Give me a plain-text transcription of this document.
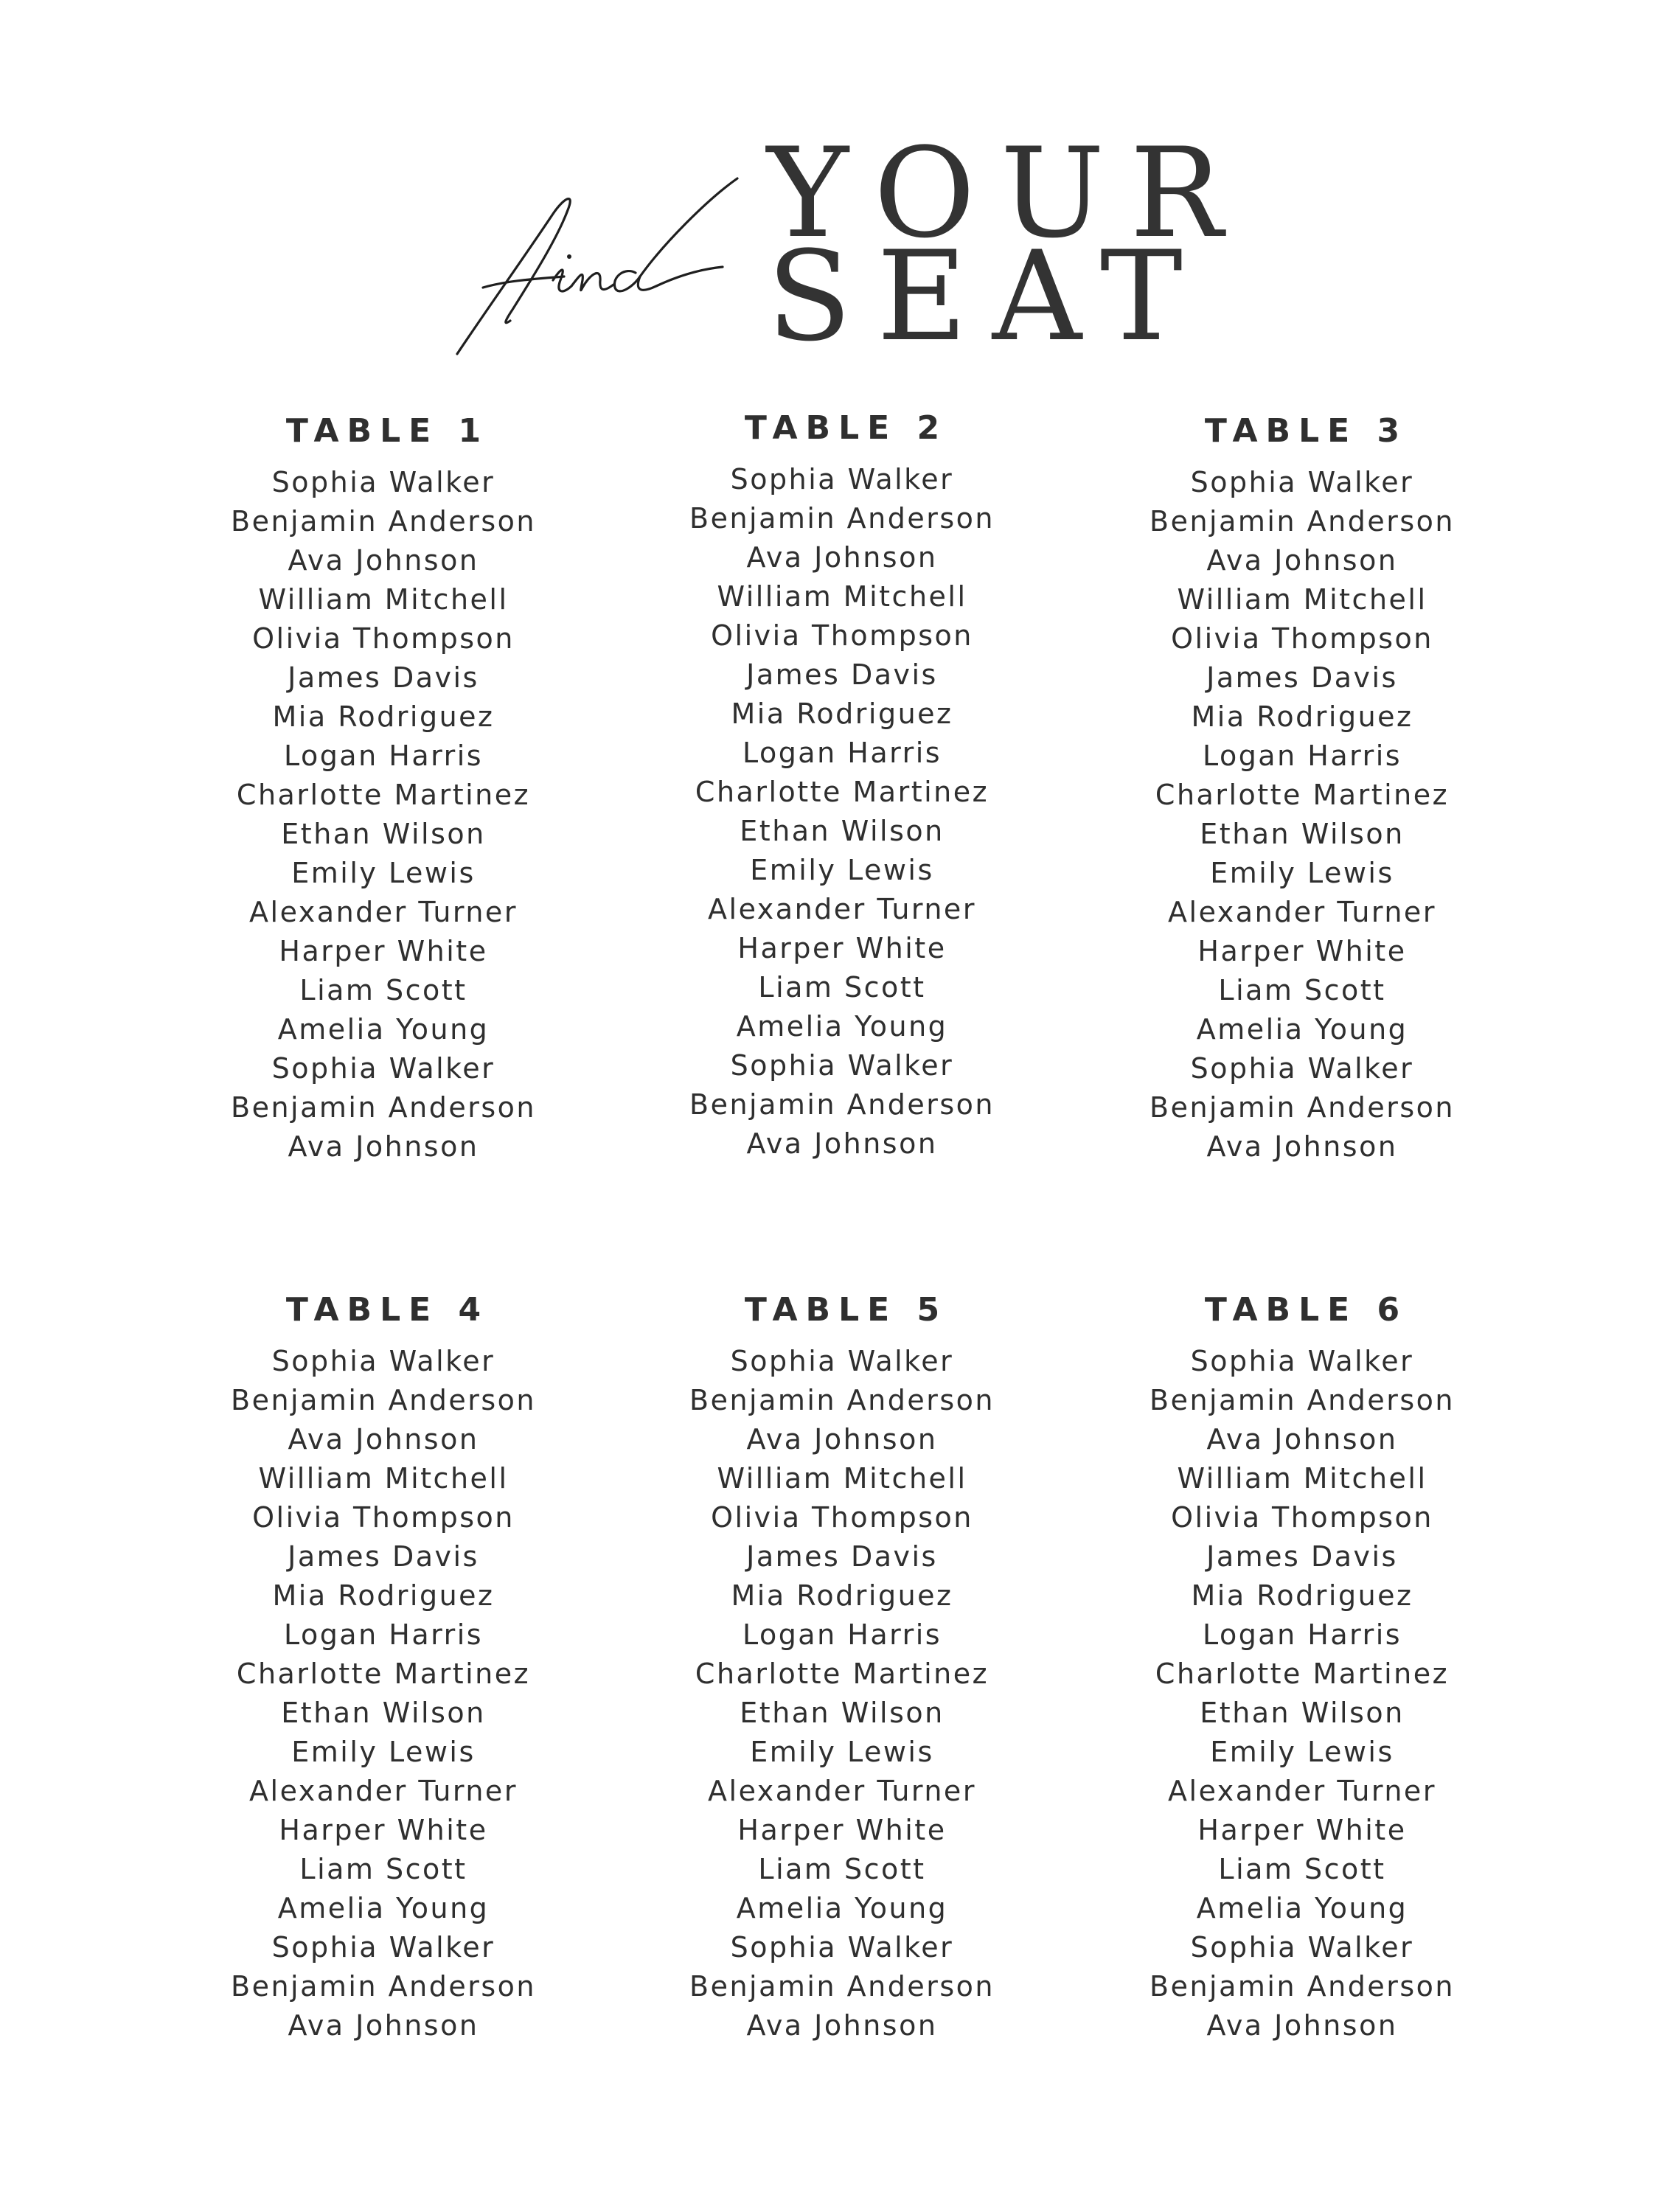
YOUR
SEAT
TABLE 1
Sophia Walker
Benjamin Anderson
Ava Johnson
William Mitchell
Olivia Thompson
James Davis
Mia Rodriguez
Logan Harris
Charlotte Martinez
Ethan Wilson
Emily Lewis
Alexander Turner
Harper White
Liam Scott
Amelia Young
Sophia Walker
Benjamin Anderson
Ava Johnson
TABLE 2
Sophia Walker
Benjamin Anderson
Ava Johnson
William Mitchell
Olivia Thompson
James Davis
Mia Rodriguez
Logan Harris
Charlotte Martinez
Ethan Wilson
Emily Lewis
Alexander Turner
Harper White
Liam Scott
Amelia Young
Sophia Walker
Benjamin Anderson
Ava Johnson
TABLE 3
Sophia Walker
Benjamin Anderson
Ava Johnson
William Mitchell
Olivia Thompson
James Davis
Mia Rodriguez
Logan Harris
Charlotte Martinez
Ethan Wilson
Emily Lewis
Alexander Turner
Harper White
Liam Scott
Amelia Young
Sophia Walker
Benjamin Anderson
Ava Johnson
TABLE 4
Sophia Walker
Benjamin Anderson
Ava Johnson
William Mitchell
Olivia Thompson
James Davis
Mia Rodriguez
Logan Harris
Charlotte Martinez
Ethan Wilson
Emily Lewis
Alexander Turner
Harper White
Liam Scott
Amelia Young
Sophia Walker
Benjamin Anderson
Ava Johnson
TABLE 5
Sophia Walker
Benjamin Anderson
Ava Johnson
William Mitchell
Olivia Thompson
James Davis
Mia Rodriguez
Logan Harris
Charlotte Martinez
Ethan Wilson
Emily Lewis
Alexander Turner
Harper White
Liam Scott
Amelia Young
Sophia Walker
Benjamin Anderson
Ava Johnson
TABLE 6
Sophia Walker
Benjamin Anderson
Ava Johnson
William Mitchell
Olivia Thompson
James Davis
Mia Rodriguez
Logan Harris
Charlotte Martinez
Ethan Wilson
Emily Lewis
Alexander Turner
Harper White
Liam Scott
Amelia Young
Sophia Walker
Benjamin Anderson
Ava Johnson
